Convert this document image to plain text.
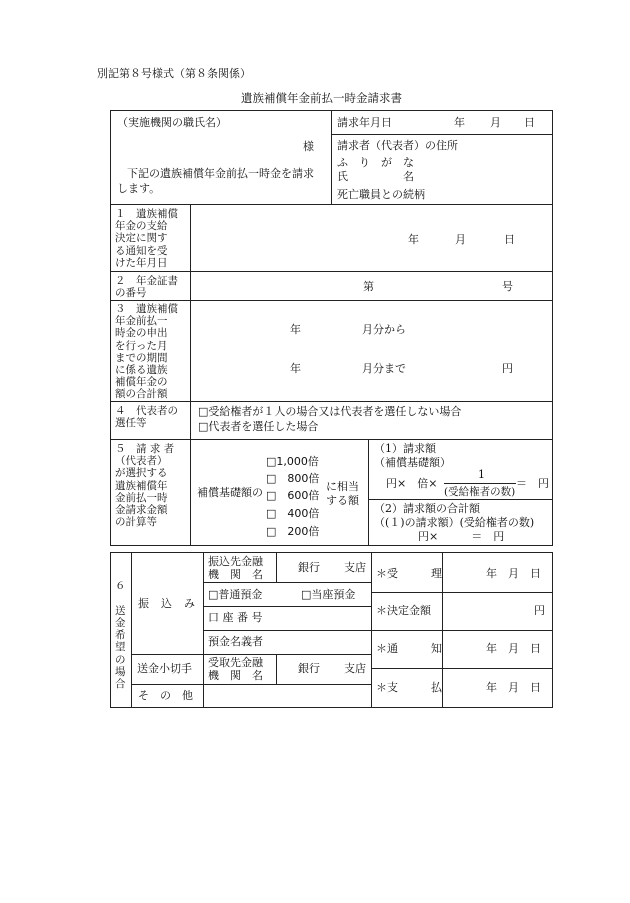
別記第８号様式（第８条関係）
遺族補償年金前払一時金請求書
（実施機関の職氏名）
様
下記の遺族補償年金前払一時金を請求
します。
請求年月日	年 月 日
請求者（代表者）の住所
ふ　り　が　な
氏　　　　　名
死亡職員との続柄
１　遺族補償
年金の支給
決定に関す
る通知を受
けた年月日
年	月	日
２　年金証書
の番号
第	号
３　遺族補償
年金前払一
時金の申出
を行った月
までの期間
に係る遺族
補償年金の
額の合計額
年	月分から
年	月分まで	円
４　代表者の
選任等
□受給権者が１人の場合又は代表者を選任しない場合
□代表者を選任した場合
５　請 求 者
（代表者）
が選択する
遺族補償年
金前払一時
金請求金額
の計算等
補償基礎額の
□1,000倍
□　800倍
□　600倍
□　400倍
□　200倍
に相当
する額
（1）請求額
（補償基礎額）
円×　倍×
1
(受給権者の数)
＝　円
（2）請求額の合計額
（(１)の請求額）(受給権者の数)
円×　　　＝　円
６

送
金
希
望
の
場
合
振　込　み
振込先金融
機　関　名	銀行 支店
□普通預金	□当座預金
口 座 番 号
預金名義者
送金小切手 受取先金融
機　関　名	銀行 支店
そ　の　他
＊受　　　理	年　月　日
＊決定金額	円
＊通　　　知	年　月　日
＊支　　　払	年　月　日
